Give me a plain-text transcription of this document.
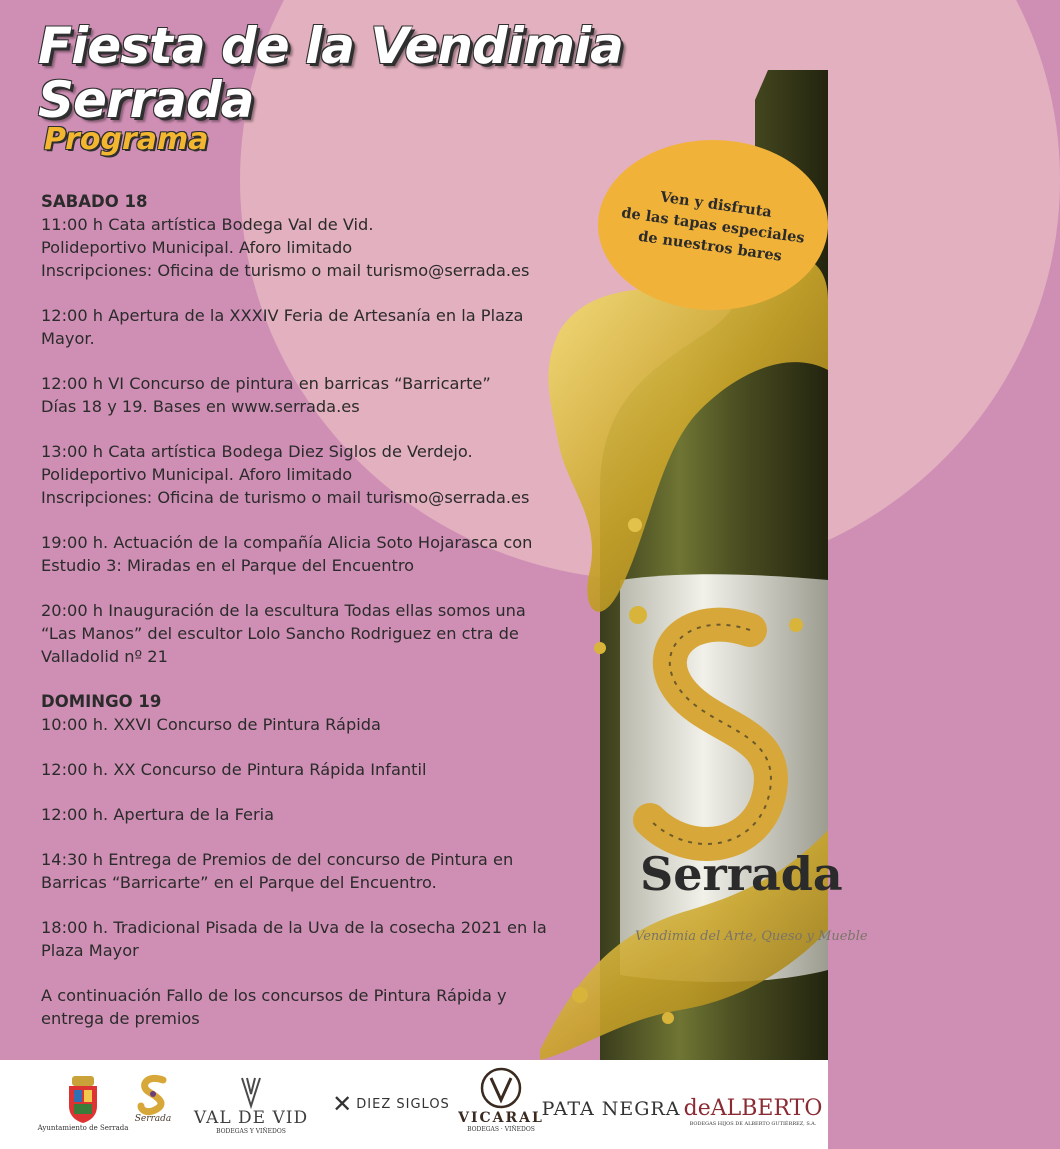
Fiesta de la Vendimia
Serrada
Programa
Serrada
Vendimia del Arte, Queso y Mueble
Ven y disfruta
de las tapas especiales
de nuestros bares
SABADO 18
11:00 h Cata artística Bodega Val de Vid.
Polideportivo Municipal. Aforo limitado
Inscripciones: Oficina de turismo o mail turismo@serrada.es
12:00 h Apertura de la XXXIV Feria de Artesanía en la Plaza
Mayor.
12:00 h VI Concurso de pintura en barricas “Barricarte”
Días 18 y 19. Bases en www.serrada.es
13:00 h Cata artística Bodega Diez Siglos de Verdejo.
Polideportivo Municipal. Aforo limitado
Inscripciones: Oficina de turismo o mail turismo@serrada.es
19:00 h. Actuación de la compañía Alicia Soto Hojarasca con
Estudio 3: Miradas en el Parque del Encuentro
20:00 h Inauguración de la escultura Todas ellas somos una
“Las Manos” del escultor Lolo Sancho Rodriguez en ctra de
Valladolid nº 21
DOMINGO 19
10:00 h. XXVI Concurso de Pintura Rápida
12:00 h. XX Concurso de Pintura Rápida Infantil
12:00 h. Apertura de la Feria
14:30 h Entrega de Premios de del concurso de Pintura en
Barricas “Barricarte” en el Parque del Encuentro.
18:00 h. Tradicional Pisada de la Uva de la cosecha 2021 en la
Plaza Mayor
A continuación Fallo de los concursos de Pintura Rápida y
entrega de premios
Ayuntamiento de Serrada
Serrada VAL DE VID
BODEGAS Y VIÑEDOS
✕ DIEZ SIGLOS
VICARAL
BODEGAS · VIÑEDOS
PATA NEGRA deALBERTO
BODEGAS HIJOS DE ALBERTO GUTIÉRREZ, S.A.
